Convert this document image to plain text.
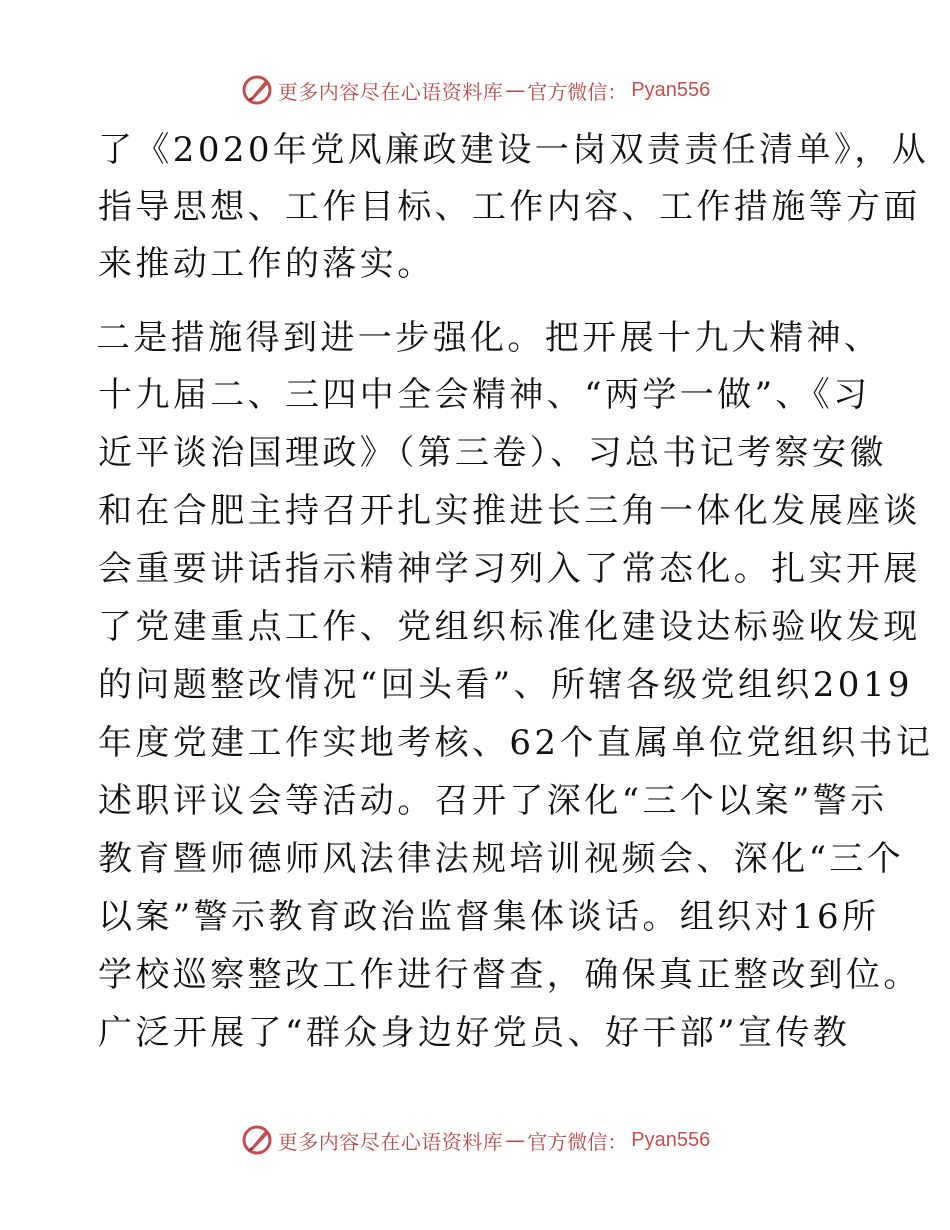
更多内容尽在心语资料库 — 官方微信 ： Pyan556
了《2020年党风廉政建设一岗双责责任清单》，从
指导思想、工作目标、工作内容、工作措施等方面
来推动工作的落实。
二是措施得到进一步强化。把开展十九大精神、
十九届二、三四中全会精神、“两学一做”、《习
近平谈治国理政》（第三卷）、习总书记考察安徽
和在合肥主持召开扎实推进长三角一体化发展座谈
会重要讲话指示精神学习列入了常态化。扎实开展
了党建重点工作、党组织标准化建设达标验收发现
的问题整改情况“回头看”、所辖各级党组织2019
年度党建工作实地考核、62个直属单位党组织书记
述职评议会等活动。召开了深化“三个以案”警示
教育暨师德师风法律法规培训视频会、深化“三个
以案”警示教育政治监督集体谈话。组织对16所
学校巡察整改工作进行督查，确保真正整改到位。
广泛开展了“群众身边好党员、好干部”宣传教
更多内容尽在心语资料库 — 官方微信 ： Pyan556
